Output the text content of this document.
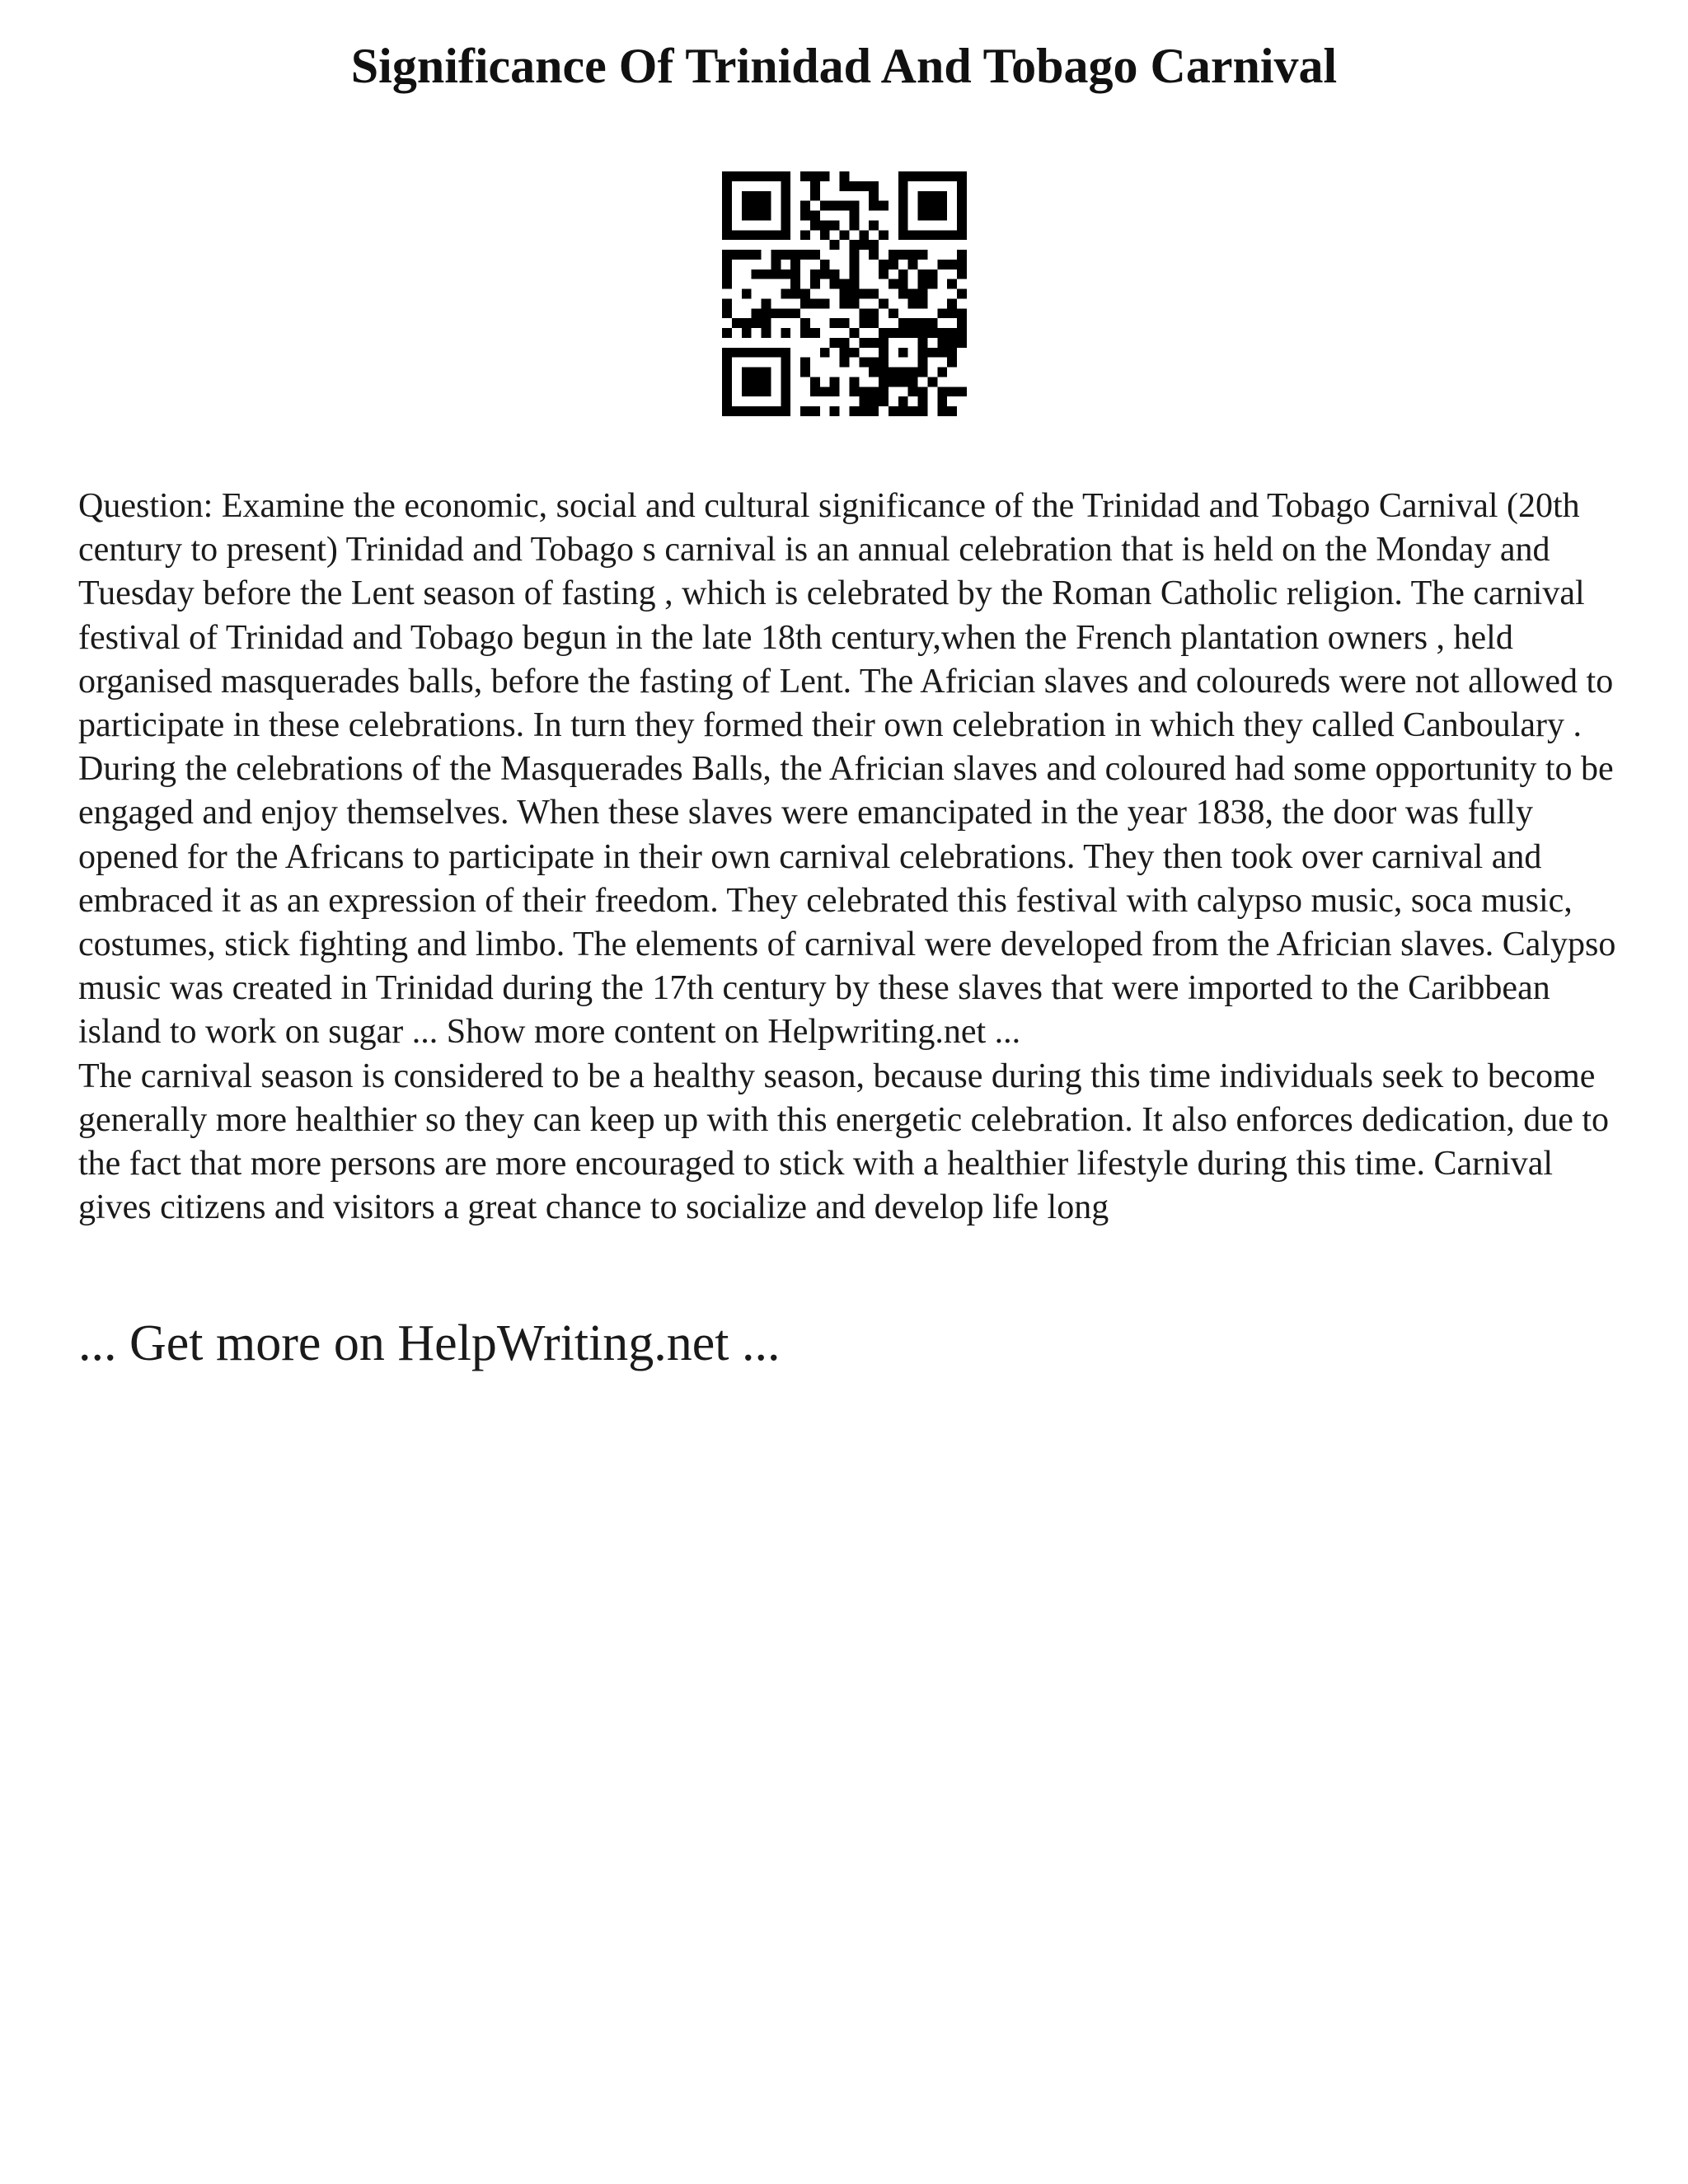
Significance Of Trinidad And Tobago Carnival

Question: Examine the economic, social and cultural significance of the Trinidad and Tobago Carnival (20th century to present) Trinidad and Tobago s carnival is an annual celebration that is held on the Monday and Tuesday before the Lent season of fasting , which is celebrated by the Roman Catholic religion. The carnival festival of Trinidad and Tobago begun in the late 18th century,when the French plantation owners , held organised masquerades balls, before the fasting of Lent. The Africian slaves and coloureds were not allowed to participate in these celebrations. In turn they formed their own celebration in which they called Canboulary . During the celebrations of the Masquerades Balls, the Africian slaves and coloured had some opportunity to be engaged and enjoy themselves. When these slaves were emancipated in the year 1838, the door was fully opened for the Africans to participate in their own carnival celebrations. They then took over carnival and embraced it as an expression of their freedom. They celebrated this festival with calypso music, soca music, costumes, stick fighting and limbo. The elements of carnival were developed from the Africian slaves. Calypso music was created in Trinidad during the 17th century by these slaves that were imported to the Caribbean island to work on sugar ... Show more content on Helpwriting.net ...

The carnival season is considered to be a healthy season, because during this time individuals seek to become generally more healthier so they can keep up with this energetic celebration. It also enforces dedication, due to the fact that more persons are more encouraged to stick with a healthier lifestyle during this time. Carnival gives citizens and visitors a great chance to socialize and develop life long

... Get more on HelpWriting.net ...
